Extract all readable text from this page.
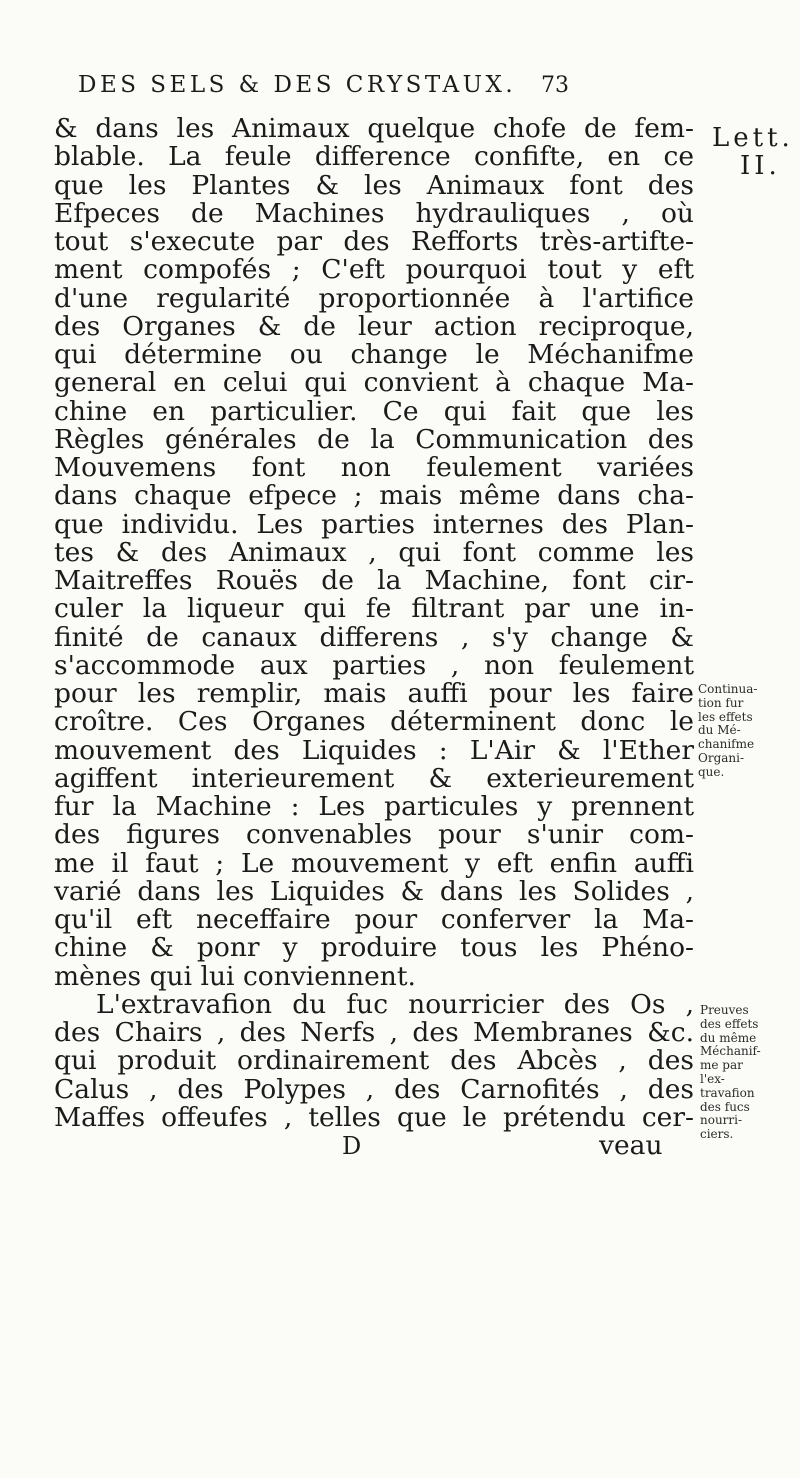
DES SELS & DES CRYSTAUX. 73
Lett.
II.
& dans les Animaux quelque chofe de fem-
blable. La feule difference confifte, en ce
que les Plantes & les Animaux font des
Efpeces de Machines hydrauliques , où
tout s'execute par des Refforts très-artifte-
ment compofés ; C'eft pourquoi tout y eft
d'une regularité proportionnée à l'artifice
des Organes & de leur action reciproque,
qui détermine ou change le Méchanifme
general en celui qui convient à chaque Ma-
chine en particulier. Ce qui fait que les
Règles générales de la Communication des
Mouvemens font non feulement variées
dans chaque efpece ; mais même dans cha-
que individu. Les parties internes des Plan-
tes & des Animaux , qui font comme les
Maitreffes Rouës de la Machine, font cir-
culer la liqueur qui fe filtrant par une in-
finité de canaux differens , s'y change &
s'accommode aux parties , non feulement
pour les remplir, mais auffi pour les faire
croître. Ces Organes déterminent donc le
mouvement des Liquides : L'Air & l'Ether
agiffent interieurement & exterieurement
fur la Machine : Les particules y prennent
des figures convenables pour s'unir com-
me il faut ; Le mouvement y eft enfin auffi
varié dans les Liquides & dans les Solides ,
qu'il eft neceffaire pour conferver la Ma-
chine & ponr y produire tous les Phéno-
mènes qui lui conviennent.
L'extravafion du fuc nourricier des Os ,
des Chairs , des Nerfs , des Membranes &c.
qui produit ordinairement des Abcès , des
Calus , des Polypes , des Carnofités , des
Maffes offeufes , telles que le prétendu cer-
D	veau
Continua-
tion fur
les effets
du Mé-
chanifme
Organi-
que.
Preuves
des effets
du même
Méchanif-
me par
l'ex-
travafion
des fucs
nourri-
ciers.
